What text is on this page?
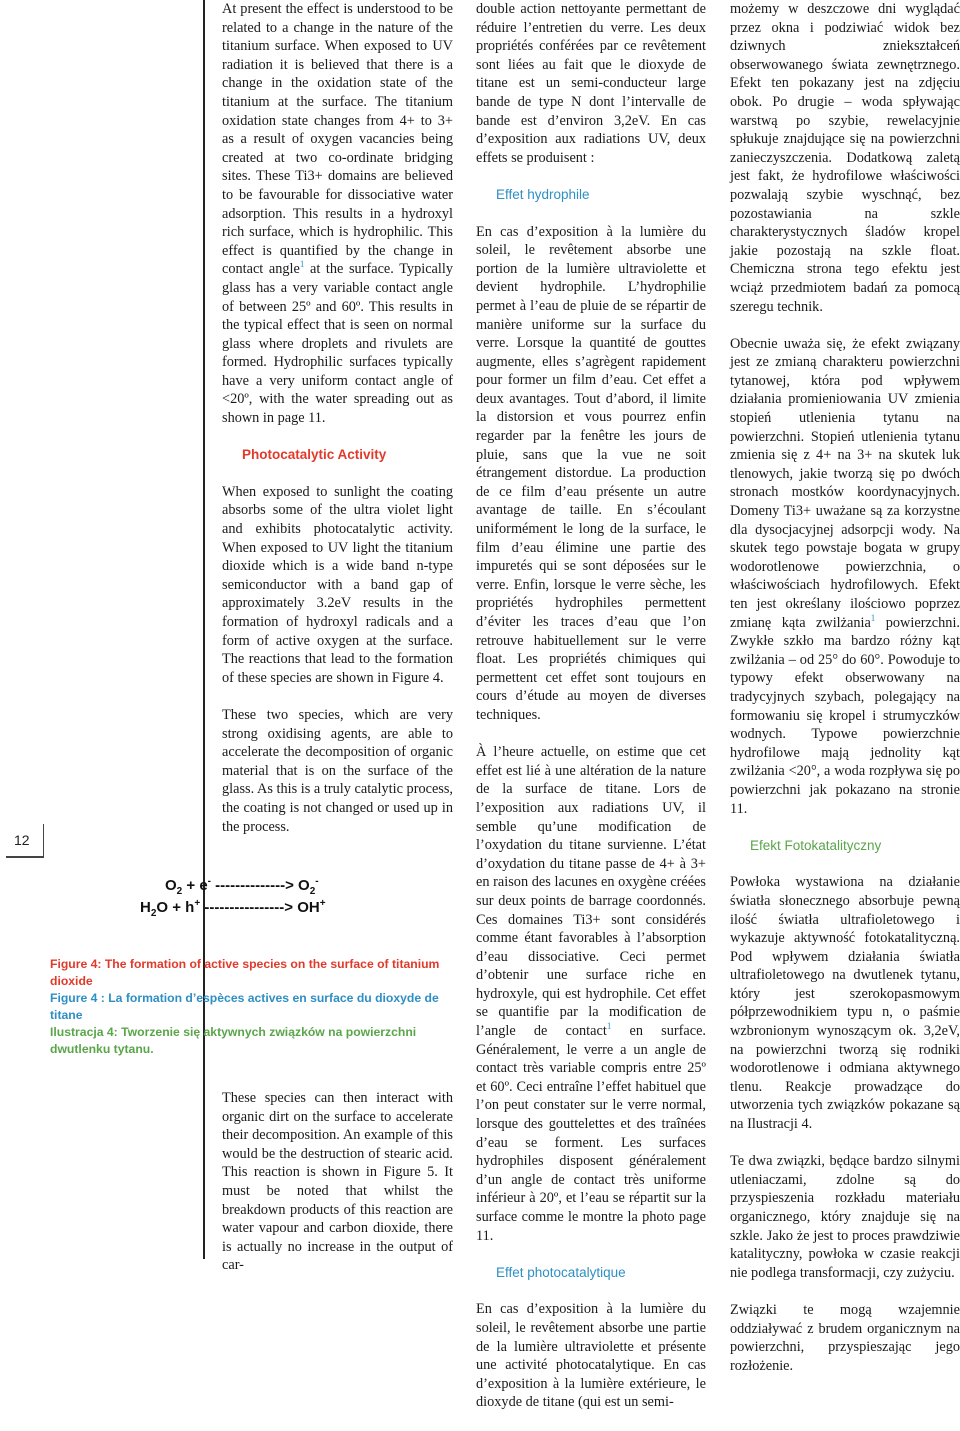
12

At present the effect is understood to be related to a change in the nature of the titanium surface. When exposed to UV radiation it is believed that there is a change in the oxidation state of the titanium at the surface. The titanium oxidation state changes from 4+ to 3+ as a result of oxygen vacancies being created at two co-ordinate bridging sites. These Ti3+ domains are believed to be favourable for dissociative water adsorption. This results in a hydroxyl rich surface, which is hydrophilic. This effect is quantified by the change in contact angle$^1$ at the surface. Typically glass has a very variable contact angle of between 25º and 60º. This results in the typical effect that is seen on normal glass where droplets and rivulets are formed. Hydrophilic surfaces typically have a very uniform contact angle of <20º, with the water spreading out as shown in page 11.

Photocatalytic Activity

When exposed to sunlight the coating absorbs some of the ultra violet light and exhibits photocatalytic activity. When exposed to UV light the titanium dioxide which is a wide band n-type semiconductor with a band gap of approximately 3.2eV results in the formation of hydroxyl radicals and a form of active oxygen at the surface. The reactions that lead to the formation of these species are shown in Figure 4.

These two species, which are very strong oxidising agents, are able to accelerate the decomposition of organic material that is on the surface of the glass. As this is a truly catalytic process, the coating is not changed or used up in the process.

These species can then interact with organic dirt on the surface to accelerate their decomposition. An example of this would be the destruction of stearic acid. This reaction is shown in Figure 5. It must be noted that whilst the breakdown products of this reaction are water vapour and carbon dioxide, there is actually no increase in the output of car-

$O_2 + e^-$ --------------> $O_2^-$
$H_2O + h^+$ ----------------> OH+
Figure 4: The formation of active species on the surface of titanium dioxide
Figure 4 : La formation d’espèces actives en surface du dioxyde de titane
Ilustracja 4: Tworzenie się aktywnych związków na powierzchni dwutlenku tytanu.

double action nettoyante permettant de réduire l’entretien du verre. Les deux propriétés conférées par ce revêtement sont liées au fait que le dioxyde de titane est un semi-conducteur large bande de type N dont l’intervalle de bande est d’environ 3,2eV. En cas d’exposition aux radiations UV, deux effets se produisent :

Effet hydrophile

En cas d’exposition à la lumière du soleil, le revêtement absorbe une portion de la lumière ultraviolette et devient hydrophile. L’hydrophilie permet à l’eau de pluie de se répartir de manière uniforme sur la surface du verre. Lorsque la quantité de gouttes augmente, elles s’agrègent rapidement pour former un film d’eau. Cet effet a deux avantages. Tout d’abord, il limite la distorsion et vous pourrez enfin regarder par la fenêtre les jours de pluie, sans que la vue ne soit étrangement distordue. La production de ce film d’eau présente un autre avantage de taille. En s’écoulant uniformément le long de la surface, le film d’eau élimine une partie des impuretés qui se sont déposées sur le verre. Enfin, lorsque le verre sèche, les propriétés hydrophiles permettent d’éviter les traces d’eau que l’on retrouve habituellement sur le verre float. Les propriétés chimiques qui permettent cet effet sont toujours en cours d’étude au moyen de diverses techniques.

À l’heure actuelle, on estime que cet effet est lié à une altération de la nature de la surface de titane. Lors de l’exposition aux radiations UV, il semble qu’une modification de l’oxydation du titane survienne. L’état d’oxydation du titane passe de 4+ à 3+ en raison des lacunes en oxygène créées sur deux points de barrage coordonnés. Ces domaines Ti3+ sont considérés comme étant favorables à l’absorption d’eau dissociative. Ceci permet d’obtenir une surface riche en hydroxyle, qui est hydrophile. Cet effet se quantifie par la modification de l’angle de contact$^1$ en surface. Généralement, le verre a un angle de contact très variable compris entre 25º et 60º. Ceci entraîne l’effet habituel que l’on peut constater sur le verre normal, lorsque des gouttelettes et des traînées d’eau se forment. Les surfaces hydrophiles disposent généralement d’un angle de contact très uniforme inférieur à 20º, et l’eau se répartit sur la surface comme le montre la photo page 11.

Effet photocatalytique

En cas d’exposition à la lumière du soleil, le revêtement absorbe une partie de la lumière ultraviolette et présente une activité photocatalytique. En cas d’exposition à la lumière extérieure, le dioxyde de titane (qui est un semi-

możemy w deszczowe dni wyglądać przez okna i podziwiać widok bez dziwnych zniekształceń obserwowanego świata zewnętrznego. Efekt ten pokazany jest na zdjęciu obok. Po drugie – woda spływając warstwą po szybie, rewelacyjnie spłukuje znajdujące się na powierzchni zanieczyszczenia. Dodatkową zaletą jest fakt, że hydrofilowe właściwości pozwalają szybie wyschnąć, bez pozostawiania na szkle charakterystycznych śladów kropel jakie pozostają na szkle float. Chemiczna strona tego efektu jest wciąż przedmiotem badań za pomocą szeregu technik.

Obecnie uważa się, że efekt związany jest ze zmianą charakteru powierzchni tytanowej, która pod wpływem działania promieniowania UV zmienia stopień utlenienia tytanu na powierzchni. Stopień utlenienia tytanu zmienia się z 4+ na 3+ na skutek luk tlenowych, jakie tworzą się po dwóch stronach mostków koordynacyjnych. Domeny Ti3+ uważane są za korzystne dla dysocjacyjnej adsorpcji wody. Na skutek tego powstaje bogata w grupy wodorotlenowe powierzchnia, o właściwościach hydrofilowych. Efekt ten jest określany ilościowo poprzez zmianę kąta zwilżania$^1$ powierzchni. Zwykłe szkło ma bardzo różny kąt zwilżania – od 25° do 60°. Powoduje to typowy efekt obserwowany na tradycyjnych szybach, polegający na formowaniu się kropel i strumyczków wodnych. Typowe powierzchnie hydrofilowe mają jednolity kąt zwilżania <20°, a woda rozpływa się po powierzchni jak pokazano na stronie 11.

Efekt Fotokatalityczny

Powłoka wystawiona na działanie światła słonecznego absorbuje pewną ilość światła ultrafioletowego i wykazuje aktywność fotokatalityczną. Pod wpływem działania światła ultrafioletowego na dwutlenek tytanu, który jest szerokopasmowym półprzewodnikiem typu n, o paśmie wzbronionym wynoszącym ok. 3,2eV, na powierzchni tworzą się rodniki wodorotlenowe i odmiana aktywnego tlenu. Reakcje prowadzące do utworzenia tych związków pokazane są na Ilustracji 4.

Te dwa związki, będące bardzo silnymi utleniaczami, zdolne są do przyspieszenia rozkładu materiału organicznego, który znajduje się na szkle. Jako że jest to proces prawdziwie katalityczny, powłoka w czasie reakcji nie podlega transformacji, czy zużyciu.

Związki te mogą wzajemnie oddziaływać z brudem organicznym na powierzchni, przyspieszając jego rozłożenie.
